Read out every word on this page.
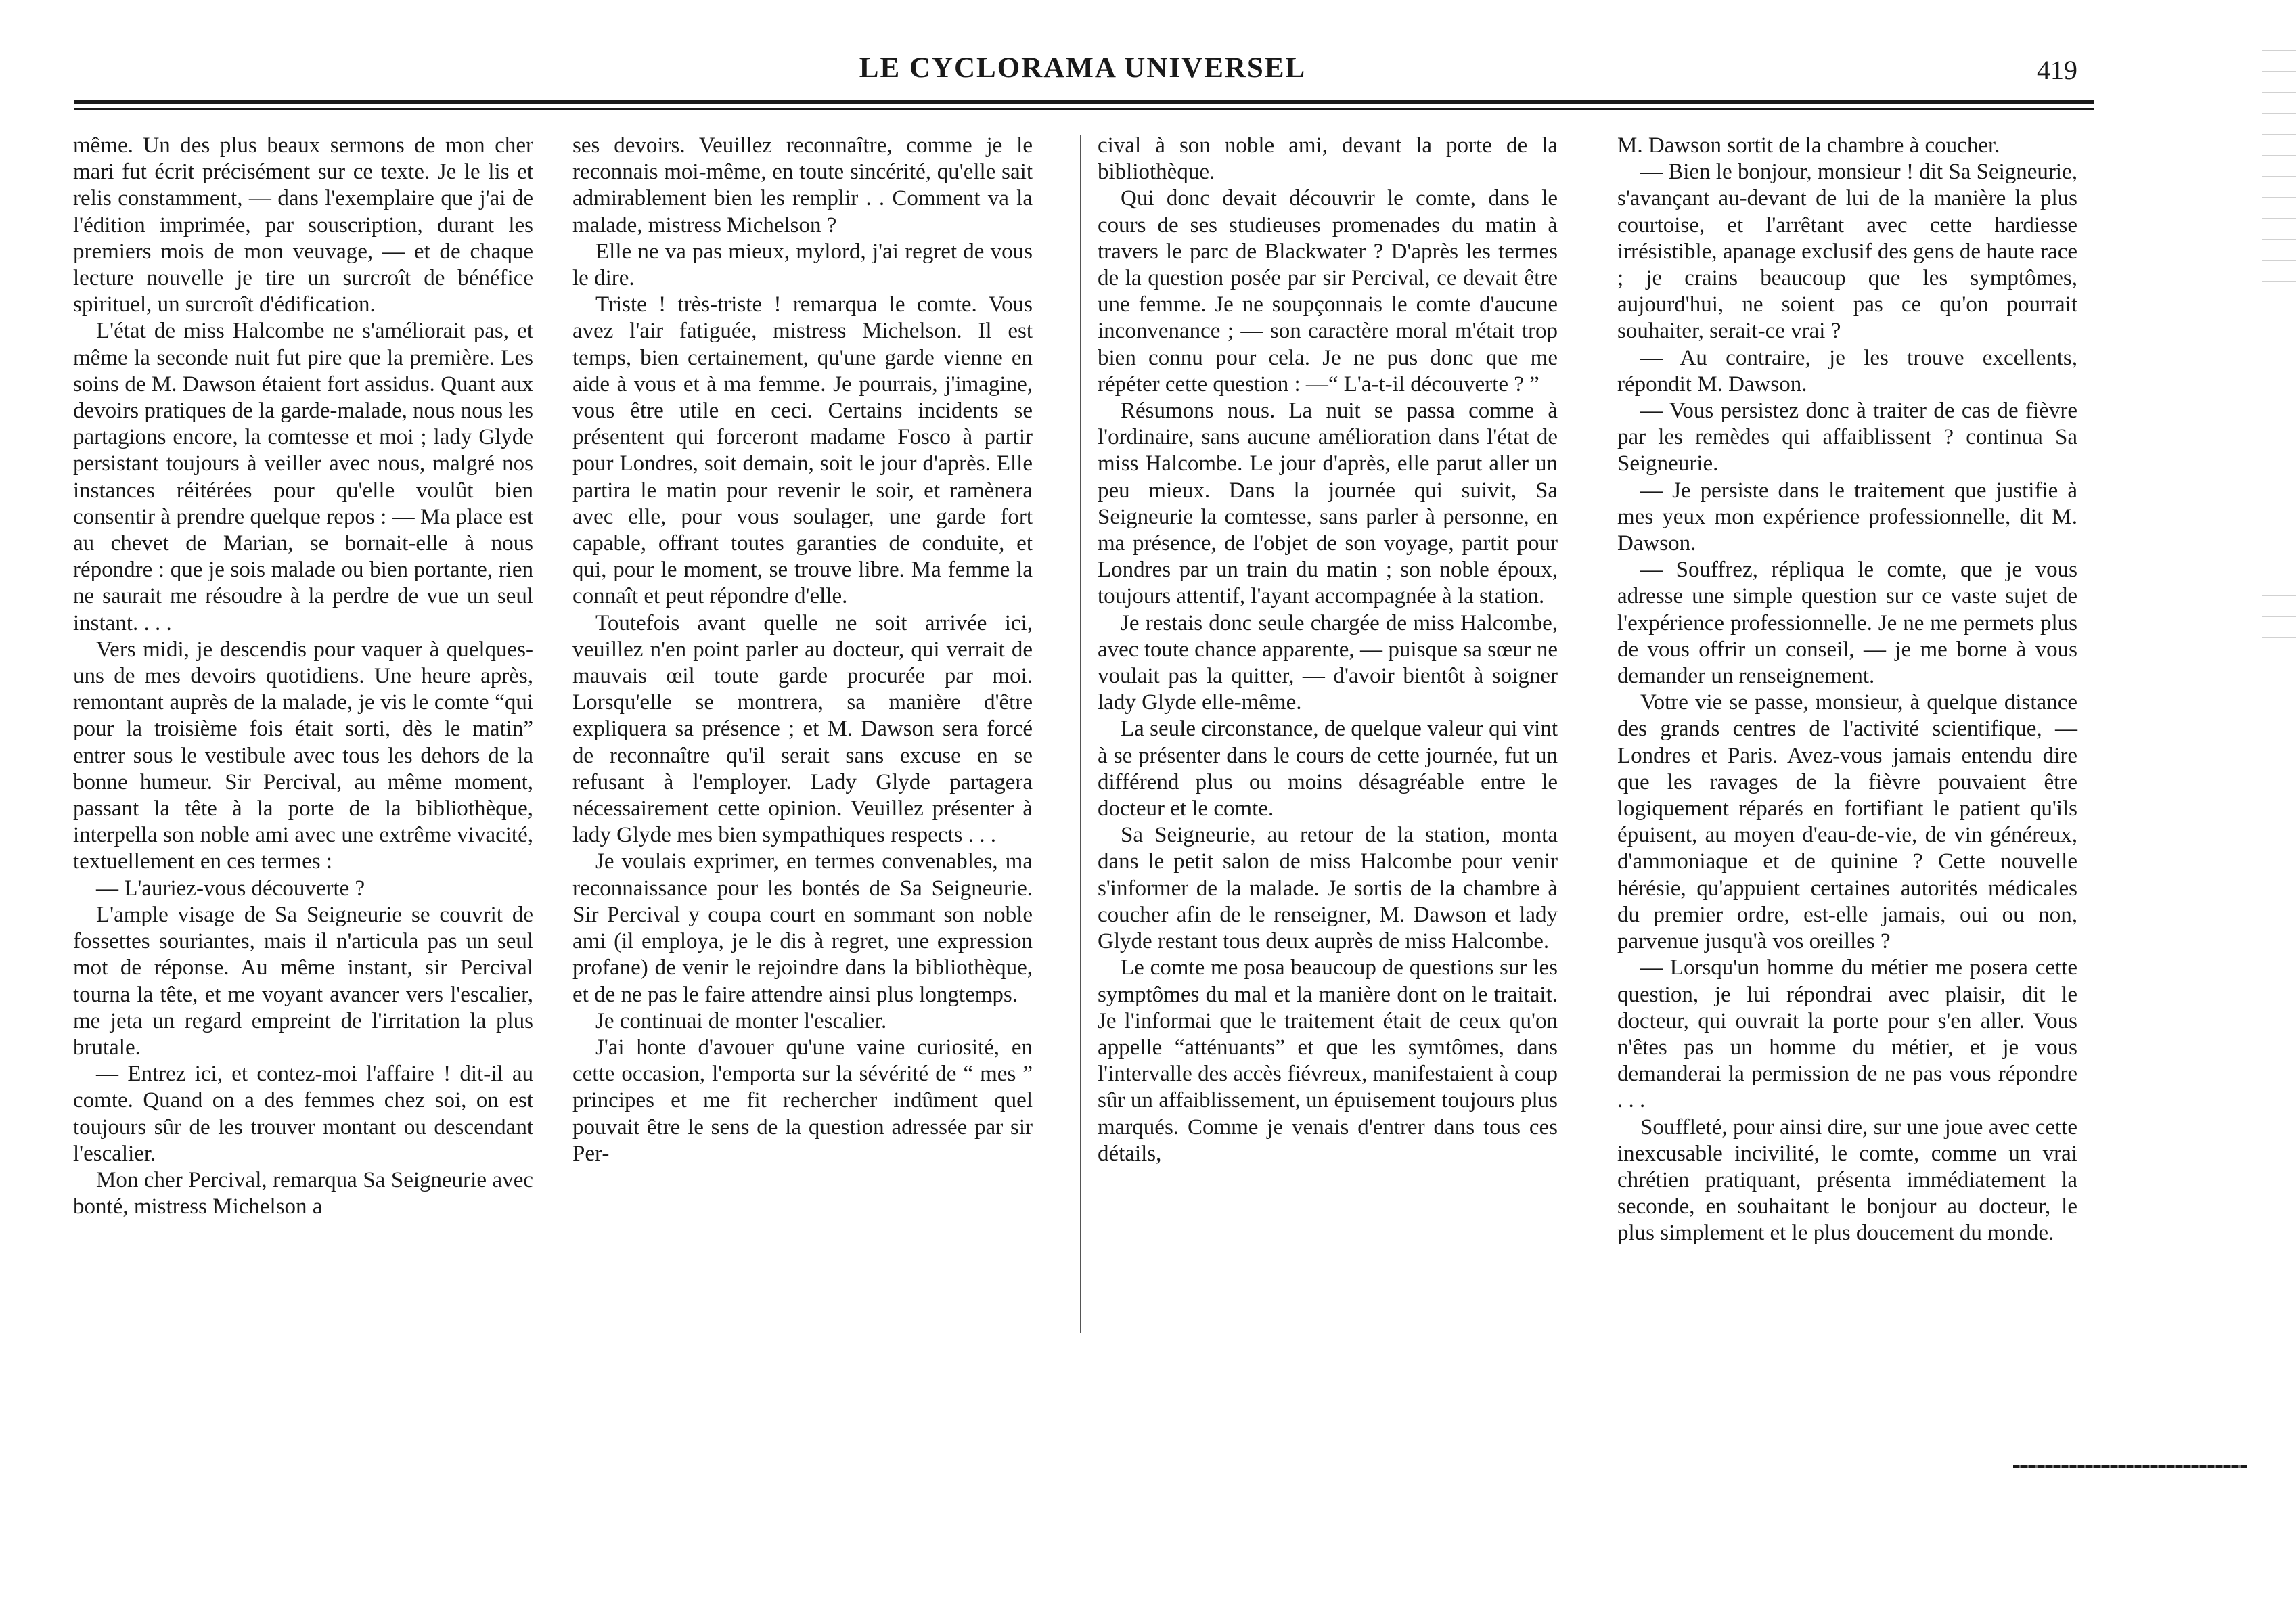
LE CYCLORAMA UNIVERSEL	419

même. Un des plus beaux sermons de mon cher mari fut écrit précisément sur ce texte. Je le lis et relis constamment, — dans l'exemplaire que j'ai de l'édition imprimée, par souscription, durant les premiers mois de mon veuvage, — et de chaque lecture nouvelle je tire un surcroît de bénéfice spirituel, un surcroît d'édification.

L'état de miss Halcombe ne s'améliorait pas, et même la seconde nuit fut pire que la première. Les soins de M. Dawson étaient fort assidus. Quant aux devoirs pratiques de la garde-malade, nous nous les partagions encore, la comtesse et moi ; lady Glyde persistant toujours à veiller avec nous, malgré nos instances réitérées pour qu'elle voulût bien consentir à prendre quelque repos : — Ma place est au chevet de Marian, se bornait-elle à nous répondre : que je sois malade ou bien portante, rien ne saurait me résoudre à la perdre de vue un seul instant. . . .

Vers midi, je descendis pour vaquer à quelques-uns de mes devoirs quotidiens. Une heure après, remontant auprès de la malade, je vis le comte “qui pour la troisième fois était sorti, dès le matin” entrer sous le vestibule avec tous les dehors de la bonne humeur. Sir Percival, au même moment, passant la tête à la porte de la bibliothèque, interpella son noble ami avec une extrême vivacité, textuellement en ces termes :

— L'auriez-vous découverte ?

L'ample visage de Sa Seigneurie se couvrit de fossettes souriantes, mais il n'articula pas un seul mot de réponse. Au même instant, sir Percival tourna la tête, et me voyant avancer vers l'escalier, me jeta un regard empreint de l'irritation la plus brutale.

— Entrez ici, et contez-moi l'affaire ! dit-il au comte. Quand on a des femmes chez soi, on est toujours sûr de les trouver montant ou descendant l'escalier.

Mon cher Percival, remarqua Sa Seigneurie avec bonté, mistress Michelson a

ses devoirs. Veuillez reconnaître, comme je le reconnais moi-même, en toute sincérité, qu'elle sait admirablement bien les remplir . . Comment va la malade, mistress Michelson ?

Elle ne va pas mieux, mylord, j'ai regret de vous le dire.

Triste ! très-triste ! remarqua le comte. Vous avez l'air fatiguée, mistress Michelson. Il est temps, bien certainement, qu'une garde vienne en aide à vous et à ma femme. Je pourrais, j'imagine, vous être utile en ceci. Certains incidents se présentent qui forceront madame Fosco à partir pour Londres, soit demain, soit le jour d'après. Elle partira le matin pour revenir le soir, et ramènera avec elle, pour vous soulager, une garde fort capable, offrant toutes garanties de conduite, et qui, pour le moment, se trouve libre. Ma femme la connaît et peut répondre d'elle.

Toutefois avant quelle ne soit arrivée ici, veuillez n'en point parler au docteur, qui verrait de mauvais œil toute garde procurée par moi. Lorsqu'elle se montrera, sa manière d'être expliquera sa présence ; et M. Dawson sera forcé de reconnaître qu'il serait sans excuse en se refusant à l'employer. Lady Glyde partagera nécessairement cette opinion. Veuillez présenter à lady Glyde mes bien sympathiques respects . . .

Je voulais exprimer, en termes convenables, ma reconnaissance pour les bontés de Sa Seigneurie. Sir Percival y coupa court en sommant son noble ami (il employa, je le dis à regret, une expression profane) de venir le rejoindre dans la bibliothèque, et de ne pas le faire attendre ainsi plus longtemps.

Je continuai de monter l'escalier.

J'ai honte d'avouer qu'une vaine curiosité, en cette occasion, l'emporta sur la sévérité de “ mes ” principes et me fit rechercher indûment quel pouvait être le sens de la question adressée par sir Per-

cival à son noble ami, devant la porte de la bibliothèque.

Qui donc devait découvrir le comte, dans le cours de ses studieuses promenades du matin à travers le parc de Blackwater ? D'après les termes de la question posée par sir Percival, ce devait être une femme. Je ne soupçonnais le comte d'aucune inconvenance ; — son caractère moral m'était trop bien connu pour cela. Je ne pus donc que me répéter cette question : —“ L'a-t-il découverte ? ”

Résumons nous. La nuit se passa comme à l'ordinaire, sans aucune amélioration dans l'état de miss Halcombe. Le jour d'après, elle parut aller un peu mieux. Dans la journée qui suivit, Sa Seigneurie la comtesse, sans parler à personne, en ma présence, de l'objet de son voyage, partit pour Londres par un train du matin ; son noble époux, toujours attentif, l'ayant accompagnée à la station.

Je restais donc seule chargée de miss Halcombe, avec toute chance apparente, — puisque sa sœur ne voulait pas la quitter, — d'avoir bientôt à soigner lady Glyde elle-même.

La seule circonstance, de quelque valeur qui vint à se présenter dans le cours de cette journée, fut un différend plus ou moins désagréable entre le docteur et le comte.

Sa Seigneurie, au retour de la station, monta dans le petit salon de miss Halcombe pour venir s'informer de la malade. Je sortis de la chambre à coucher afin de le renseigner, M. Dawson et lady Glyde restant tous deux auprès de miss Halcombe.

Le comte me posa beaucoup de questions sur les symptômes du mal et la manière dont on le traitait. Je l'informai que le traitement était de ceux qu'on appelle “atténuants” et que les symtômes, dans l'intervalle des accès fiévreux, manifestaient à coup sûr un affaiblissement, un épuisement toujours plus marqués. Comme je venais d'entrer dans tous ces détails,

M. Dawson sortit de la chambre à coucher.

— Bien le bonjour, monsieur ! dit Sa Seigneurie, s'avançant au-devant de lui de la manière la plus courtoise, et l'arrêtant avec cette hardiesse irrésistible, apanage exclusif des gens de haute race ; je crains beaucoup que les symptômes, aujourd'hui, ne soient pas ce qu'on pourrait souhaiter, serait-ce vrai ?

— Au contraire, je les trouve excellents, répondit M. Dawson.

— Vous persistez donc à traiter de cas de fièvre par les remèdes qui affaiblissent ? continua Sa Seigneurie.

— Je persiste dans le traitement que justifie à mes yeux mon expérience professionnelle, dit M. Dawson.

— Souffrez, répliqua le comte, que je vous adresse une simple question sur ce vaste sujet de l'expérience professionnelle. Je ne me permets plus de vous offrir un conseil, — je me borne à vous demander un renseignement.

Votre vie se passe, monsieur, à quelque distance des grands centres de l'activité scientifique, — Londres et Paris. Avez-vous jamais entendu dire que les ravages de la fièvre pouvaient être logiquement réparés en fortifiant le patient qu'ils épuisent, au moyen d'eau-de-vie, de vin généreux, d'ammoniaque et de quinine ? Cette nouvelle hérésie, qu'appuient certaines autorités médicales du premier ordre, est-elle jamais, oui ou non, parvenue jusqu'à vos oreilles ?

— Lorsqu'un homme du métier me posera cette question, je lui répondrai avec plaisir, dit le docteur, qui ouvrait la porte pour s'en aller. Vous n'êtes pas un homme du métier, et je vous demanderai la permission de ne pas vous répondre . . .

Souffleté, pour ainsi dire, sur une joue avec cette inexcusable incivilité, le comte, comme un vrai chrétien pratiquant, présenta immédiatement la seconde, en souhaitant le bonjour au docteur, le plus simplement et le plus doucement du monde.
